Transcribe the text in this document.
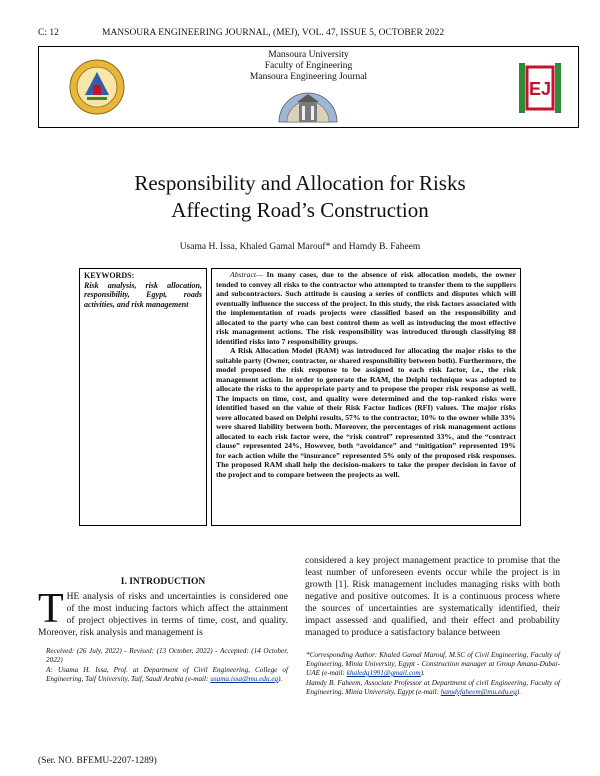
C: 12	MANSOURA ENGINEERING JOURNAL, (MEJ), VOL. 47, ISSUE 5, OCTOBER 2022
Mansoura University
Faculty of Engineering
Mansoura Engineering Journal
EJ
Responsibility and Allocation for Risks
Affecting Road’s Construction
Usama H. Issa, Khaled Gamal Marouf* and Hamdy B. Faheem
KEYWORDS:
Risk analysis, risk allocation, responsibility, Egypt, roads activities, and risk management

Abstract— In many cases, due to the absence of risk allocation models, the owner tended to convey all risks to the contractor who attempted to transfer them to the suppliers and subcontractors. Such attitude is causing a series of conflicts and disputes which will eventually influence the success of the project. In this study, the risk factors associated with the implementation of roads projects were classified based on the responsibility and allocated to the party who can best control them as well as introducing the most effective risk management actions. The risk responsibility was introduced through classifying 88 identified risks into 7 responsibility groups.

A Risk Allocation Model (RAM) was introduced for allocating the major risks to the suitable party (Owner, contractor, or shared responsibility between both). Furthermore, the model proposed the risk response to be assigned to each risk factor, i.e., the risk management action. In order to generate the RAM, the Delphi technique was adopted to allocate the risks to the appropriate party and to propose the proper risk response as well. The impacts on time, cost, and quality were determined and the top-ranked risks were identified based on the value of their Risk Factor Indices (RFI) values. The major risks were allocated based on Delphi results, 57% to the contractor, 10% to the owner while 33% were shared liability between both. Moreover, the percentages of risk management actions allocated to each risk factor were, the “risk control” represented 33%, and the “contract clause” represented 24%, However, both “avoidance” and “mitigation” represented 19% for each action while the “insurance” represented 5% only of the proposed risk responses. The proposed RAM shall help the decision-makers to take the proper decision in favor of the project and to compare between the projects as well.

I. INTRODUCTION
THE analysis of risks and uncertainties is considered one of the most inducing factors which affect the attainment of project objectives in terms of time, cost, and quality. Moreover, risk analysis and management is
considered a key project management practice to promise that the least number of unforeseen events occur while the project is in growth [1]. Risk management includes managing risks with both negative and positive outcomes. It is a continuous process where the sources of uncertainties are systematically identified, their impact assessed and qualified, and their effect and probability managed to produce a satisfactory balance between

Received: (26 July, 2022) - Revised: (13 October, 2022) - Accepted: (14 October, 2022)

A: Usama H. Issa, Prof. at Department of Civil Engineering, College of Engineering, Taif University, Taif, Saudi Arabia (e-mail: usama.issa@mu.edu.eg).

*Corresponding Author: Khaled Gamal Marouf, M.SC of Civil Engineering, Faculty of Engineering, Minia University, Egypt - Construction manager at Group Amana-Dubai-UAE (e-mail: khaledg1991@gmail.com).

Hamdy B. Faheem, Associate Professor at Department of civil Engineering, Faculty of Engineering, Minia University, Egypt (e-mail: hamdyfaheem@mu.edu.eg).

(Ser. NO. BFEMU-2207-1289)
